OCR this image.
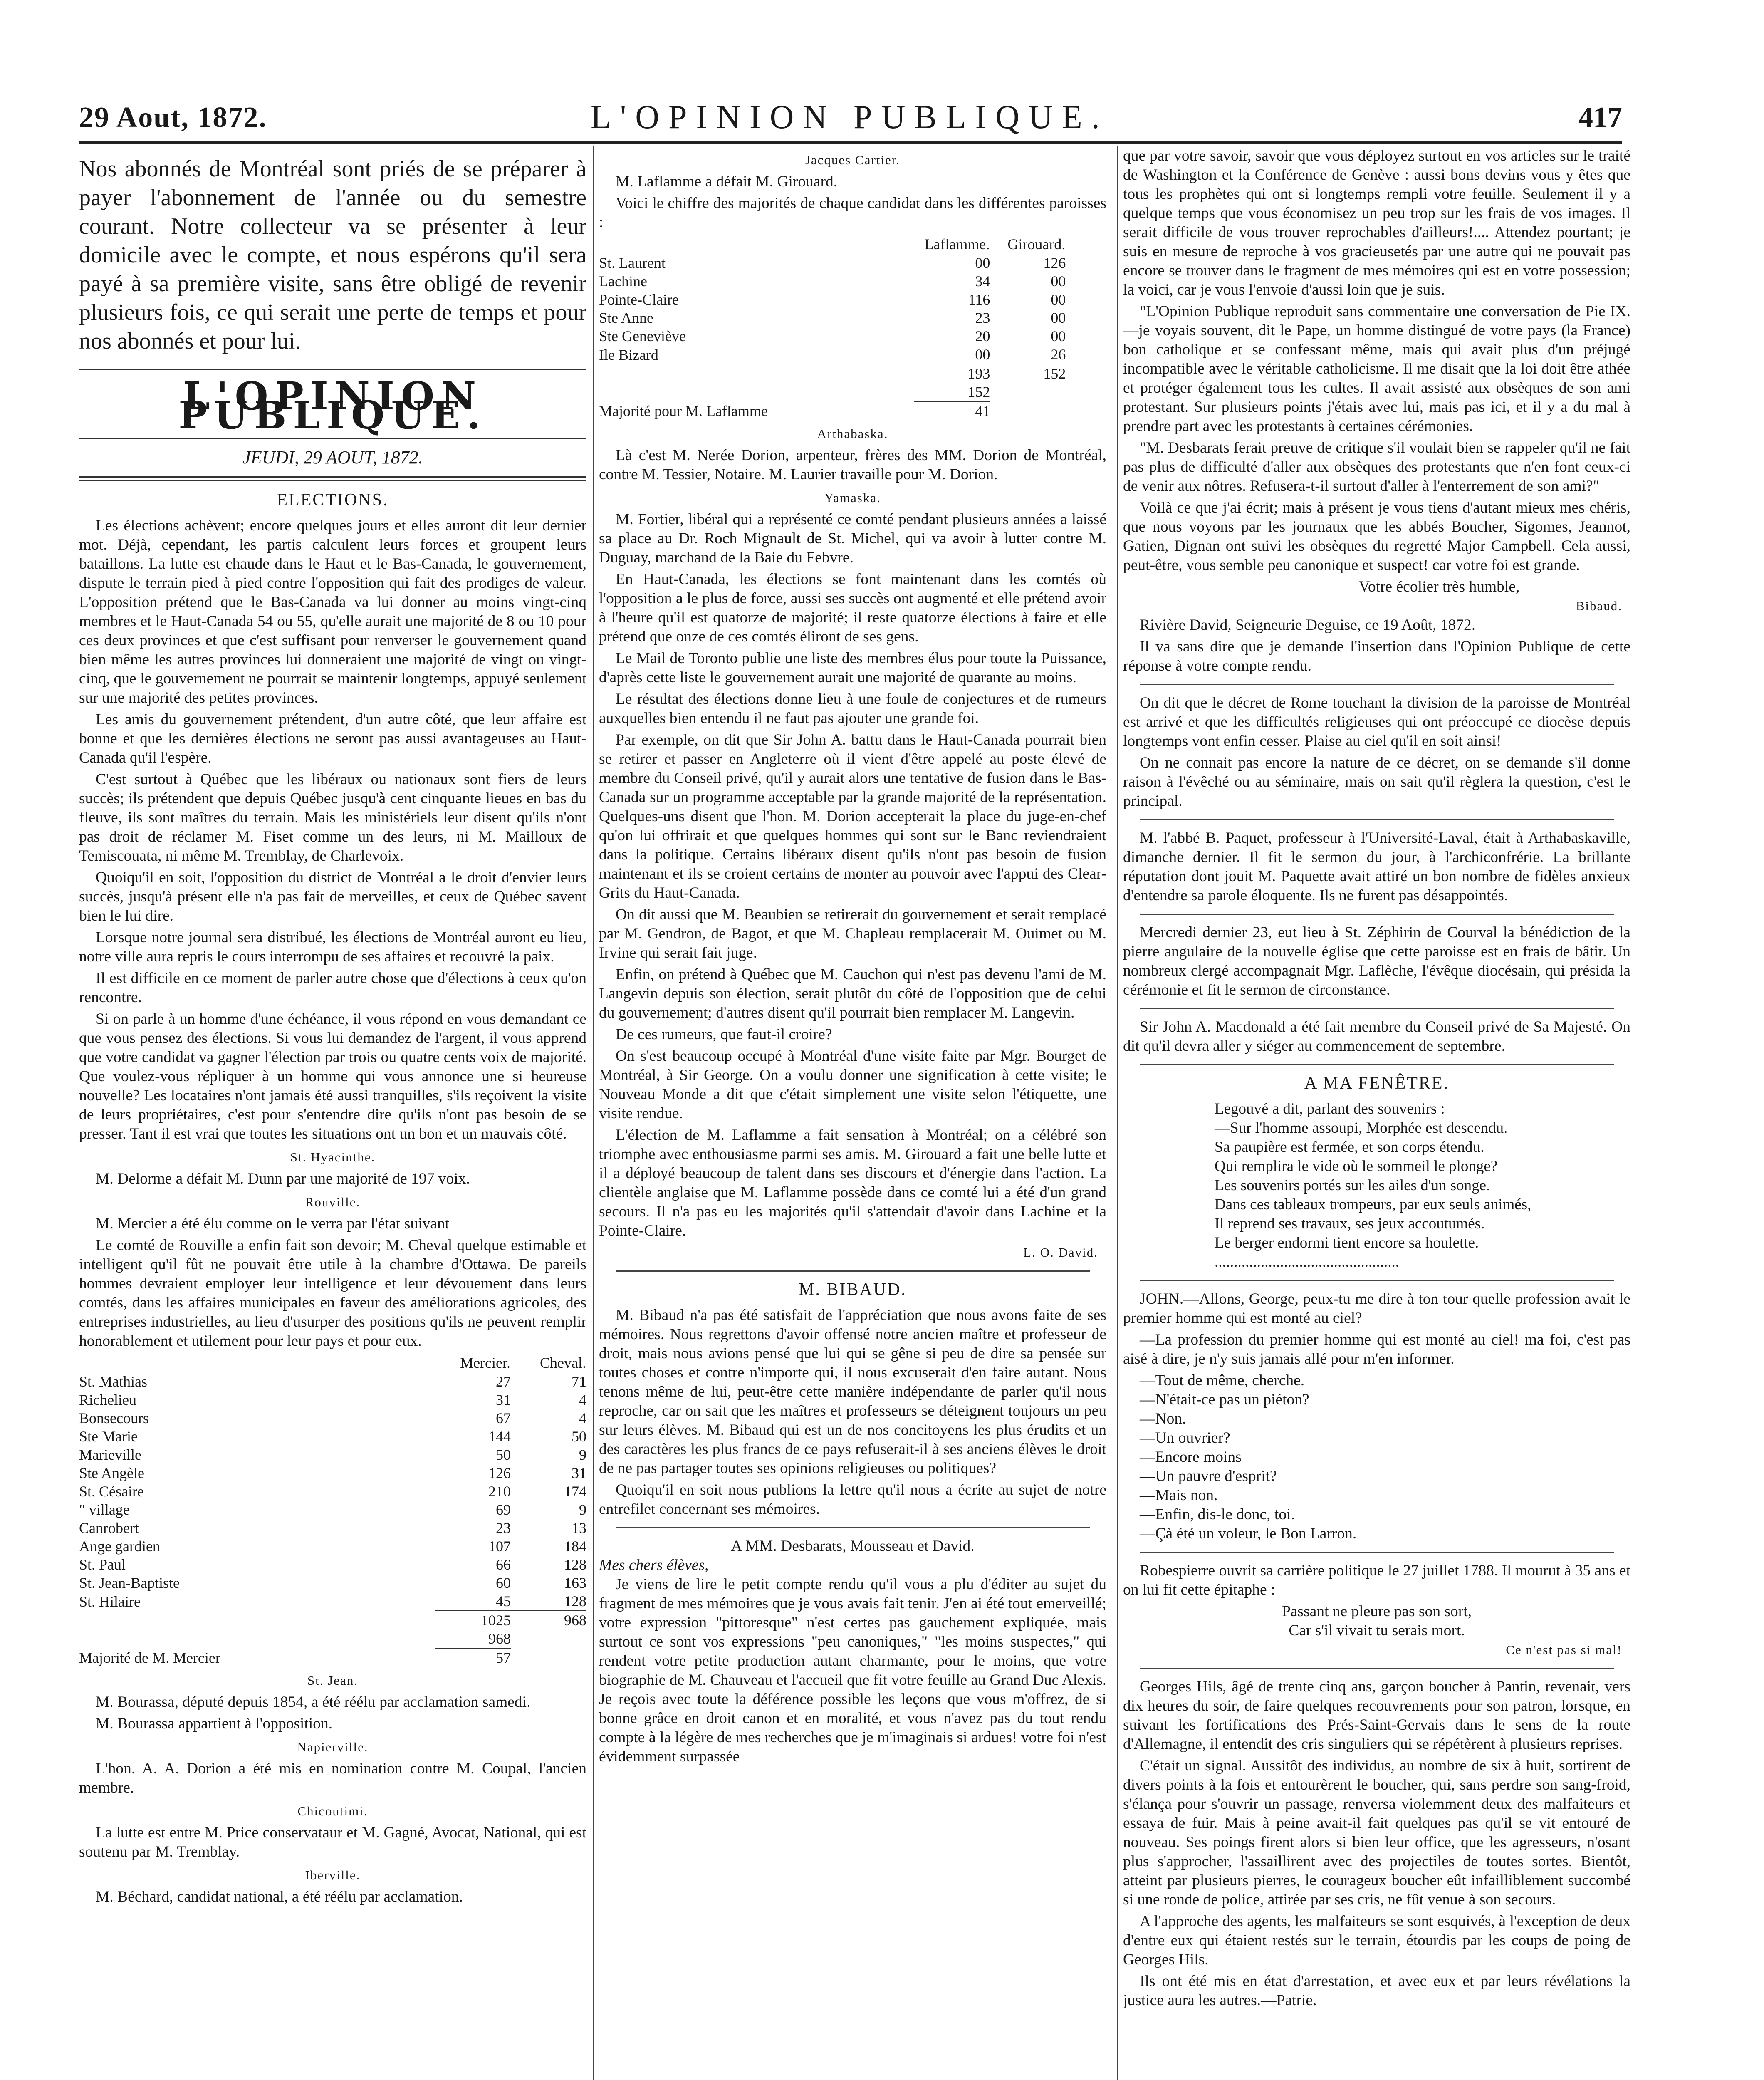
29 Aout, 1872.	L'OPINION PUBLIQUE.	417
Nos abonnés de Montréal sont priés de se préparer à payer l'abonnement de l'année ou du semestre courant. Notre collecteur va se présenter à leur domicile avec le compte, et nous espérons qu'il sera payé à sa première visite, sans être obligé de revenir plusieurs fois, ce qui serait une perte de temps et pour nos abonnés et pour lui.
L'OPINION PUBLIQUE.
JEUDI, 29 AOUT, 1872.
ELECTIONS.

Les élections achèvent; encore quelques jours et elles auront dit leur dernier mot. Déjà, cependant, les partis calculent leurs forces et groupent leurs bataillons. La lutte est chaude dans le Haut et le Bas-Canada, le gouvernement, dispute le terrain pied à pied contre l'opposition qui fait des prodiges de valeur. L'opposition prétend que le Bas-Canada va lui donner au moins vingt-cinq membres et le Haut-Canada 54 ou 55, qu'elle aurait une majorité de 8 ou 10 pour ces deux provinces et que c'est suffisant pour renverser le gouvernement quand bien même les autres provinces lui donneraient une majorité de vingt ou vingt-cinq, que le gouvernement ne pourrait se maintenir longtemps, appuyé seulement sur une majorité des petites provinces.

Les amis du gouvernement prétendent, d'un autre côté, que leur affaire est bonne et que les dernières élections ne seront pas aussi avantageuses au Haut-Canada qu'il l'espère.

C'est surtout à Québec que les libéraux ou nationaux sont fiers de leurs succès; ils prétendent que depuis Québec jusqu'à cent cinquante lieues en bas du fleuve, ils sont maîtres du terrain. Mais les ministériels leur disent qu'ils n'ont pas droit de réclamer M. Fiset comme un des leurs, ni M. Mailloux de Temiscouata, ni même M. Tremblay, de Charlevoix.

Quoiqu'il en soit, l'opposition du district de Montréal a le droit d'envier leurs succès, jusqu'à présent elle n'a pas fait de merveilles, et ceux de Québec savent bien le lui dire.

Lorsque notre journal sera distribué, les élections de Montréal auront eu lieu, notre ville aura repris le cours interrompu de ses affaires et recouvré la paix.

Il est difficile en ce moment de parler autre chose que d'élections à ceux qu'on rencontre.

Si on parle à un homme d'une échéance, il vous répond en vous demandant ce que vous pensez des élections. Si vous lui demandez de l'argent, il vous apprend que votre candidat va gagner l'élection par trois ou quatre cents voix de majorité. Que voulez-vous répliquer à un homme qui vous annonce une si heureuse nouvelle? Les locataires n'ont jamais été aussi tranquilles, s'ils reçoivent la visite de leurs propriétaires, c'est pour s'entendre dire qu'ils n'ont pas besoin de se presser. Tant il est vrai que toutes les situations ont un bon et un mauvais côté.

St. Hyacinthe.

M. Delorme a défait M. Dunn par une majorité de 197 voix.

Rouville.

M. Mercier a été élu comme on le verra par l'état suivant

Le comté de Rouville a enfin fait son devoir; M. Cheval quelque estimable et intelligent qu'il fût ne pouvait être utile à la chambre d'Ottawa. De pareils hommes devraient employer leur intelligence et leur dévouement dans leurs comtés, dans les affaires municipales en faveur des améliorations agricoles, des entreprises industrielles, au lieu d'usurper des positions qu'ils ne peuvent remplir honorablement et utilement pour leur pays et pour eux.

	Mercier.	Cheval.
St. Mathias	27	71
Richelieu	31	4
Bonsecours	67	4
Ste Marie	144	50
Marieville	50	9
Ste Angèle	126	31
St. Césaire	210	174
" village	69	9
Canrobert	23	13
Ange gardien	107	184
St. Paul	66	128
St. Jean-Baptiste	60	163
St. Hilaire	45	128
	1025	968
	968	
Majorité de M. Mercier	57	
St. Jean.

M. Bourassa, député depuis 1854, a été réélu par acclamation samedi.

M. Bourassa appartient à l'opposition.

Napierville.

L'hon. A. A. Dorion a été mis en nomination contre M. Coupal, l'ancien membre.

Chicoutimi.

La lutte est entre M. Price conservataur et M. Gagné, Avocat, National, qui est soutenu par M. Tremblay.

Iberville.

M. Béchard, candidat national, a été réélu par acclamation.

Jacques Cartier.

M. Laflamme a défait M. Girouard.

Voici le chiffre des majorités de chaque candidat dans les différentes paroisses :

	Laflamme.	Girouard.
St. Laurent	00	126
Lachine	34	00
Pointe-Claire	116	00
Ste Anne	23	00
Ste Geneviève	20	00
Ile Bizard	00	26
	193	152
	152	
Majorité pour M. Laflamme	41	
Arthabaska.

Là c'est M. Nerée Dorion, arpenteur, frères des MM. Dorion de Montréal, contre M. Tessier, Notaire. M. Laurier travaille pour M. Dorion.

Yamaska.

M. Fortier, libéral qui a représenté ce comté pendant plusieurs années a laissé sa place au Dr. Roch Mignault de St. Michel, qui va avoir à lutter contre M. Duguay, marchand de la Baie du Febvre.

En Haut-Canada, les élections se font maintenant dans les comtés où l'opposition a le plus de force, aussi ses succès ont augmenté et elle prétend avoir à l'heure qu'il est quatorze de majorité; il reste quatorze élections à faire et elle prétend que onze de ces comtés éliront de ses gens.

Le Mail de Toronto publie une liste des membres élus pour toute la Puissance, d'après cette liste le gouvernement aurait une majorité de quarante au moins.

Le résultat des élections donne lieu à une foule de conjectures et de rumeurs auxquelles bien entendu il ne faut pas ajouter une grande foi.

Par exemple, on dit que Sir John A. battu dans le Haut-Canada pourrait bien se retirer et passer en Angleterre où il vient d'être appelé au poste élevé de membre du Conseil privé, qu'il y aurait alors une tentative de fusion dans le Bas-Canada sur un programme acceptable par la grande majorité de la représentation. Quelques-uns disent que l'hon. M. Dorion accepterait la place du juge-en-chef qu'on lui offrirait et que quelques hommes qui sont sur le Banc reviendraient dans la politique. Certains libéraux disent qu'ils n'ont pas besoin de fusion maintenant et ils se croient certains de monter au pouvoir avec l'appui des Clear-Grits du Haut-Canada.

On dit aussi que M. Beaubien se retirerait du gouvernement et serait remplacé par M. Gendron, de Bagot, et que M. Chapleau remplacerait M. Ouimet ou M. Irvine qui serait fait juge.

Enfin, on prétend à Québec que M. Cauchon qui n'est pas devenu l'ami de M. Langevin depuis son élection, serait plutôt du côté de l'opposition que de celui du gouvernement; d'autres disent qu'il pourrait bien remplacer M. Langevin.

De ces rumeurs, que faut-il croire?

On s'est beaucoup occupé à Montréal d'une visite faite par Mgr. Bourget de Montréal, à Sir George. On a voulu donner une signification à cette visite; le Nouveau Monde a dit que c'était simplement une visite selon l'étiquette, une visite rendue.

L'élection de M. Laflamme a fait sensation à Montréal; on a célébré son triomphe avec enthousiasme parmi ses amis. M. Girouard a fait une belle lutte et il a déployé beaucoup de talent dans ses discours et d'énergie dans l'action. La clientèle anglaise que M. Laflamme possède dans ce comté lui a été d'un grand secours. Il n'a pas eu les majorités qu'il s'attendait d'avoir dans Lachine et la Pointe-Claire.

L. O. David.
M. BIBAUD.

M. Bibaud n'a pas été satisfait de l'appréciation que nous avons faite de ses mémoires. Nous regrettons d'avoir offensé notre ancien maître et professeur de droit, mais nous avions pensé que lui qui se gêne si peu de dire sa pensée sur toutes choses et contre n'importe qui, il nous excuserait d'en faire autant. Nous tenons même de lui, peut-être cette manière indépendante de parler qu'il nous reproche, car on sait que les maîtres et professeurs se déteignent toujours un peu sur leurs élèves. M. Bibaud qui est un de nos concitoyens les plus érudits et un des caractères les plus francs de ce pays refuserait-il à ses anciens élèves le droit de ne pas partager toutes ses opinions religieuses ou politiques?

Quoiqu'il en soit nous publions la lettre qu'il nous a écrite au sujet de notre entrefilet concernant ses mémoires.

A MM. Desbarats, Mousseau et David.
Mes chers élèves,

Je viens de lire le petit compte rendu qu'il vous a plu d'éditer au sujet du fragment de mes mémoires que je vous avais fait tenir. J'en ai été tout emerveillé; votre expression "pittoresque" n'est certes pas gauchement expliquée, mais surtout ce sont vos expressions "peu canoniques," "les moins suspectes," qui rendent votre petite production autant charmante, pour le moins, que votre biographie de M. Chauveau et l'accueil que fit votre feuille au Grand Duc Alexis. Je reçois avec toute la déférence possible les leçons que vous m'offrez, de si bonne grâce en droit canon et en moralité, et vous n'avez pas du tout rendu compte à la légère de mes recherches que je m'imaginais si ardues! votre foi n'est évidemment surpassée

que par votre savoir, savoir que vous déployez surtout en vos articles sur le traité de Washington et la Conférence de Genève : aussi bons devins vous y êtes que tous les prophètes qui ont si longtemps rempli votre feuille. Seulement il y a quelque temps que vous économisez un peu trop sur les frais de vos images. Il serait difficile de vous trouver reprochables d'ailleurs!.... Attendez pourtant; je suis en mesure de reproche à vos gracieusetés par une autre qui ne pouvait pas encore se trouver dans le fragment de mes mémoires qui est en votre possession; la voici, car je vous l'envoie d'aussi loin que je suis.

"L'Opinion Publique reproduit sans commentaire une conversation de Pie IX.—je voyais souvent, dit le Pape, un homme distingué de votre pays (la France) bon catholique et se confessant même, mais qui avait plus d'un préjugé incompatible avec le véritable catholicisme. Il me disait que la loi doit être athée et protéger également tous les cultes. Il avait assisté aux obsèques de son ami protestant. Sur plusieurs points j'étais avec lui, mais pas ici, et il y a du mal à prendre part avec les protestants à certaines cérémonies.

"M. Desbarats ferait preuve de critique s'il voulait bien se rappeler qu'il ne fait pas plus de difficulté d'aller aux obsèques des protestants que n'en font ceux-ci de venir aux nôtres. Refusera-t-il surtout d'aller à l'enterrement de son ami?"

Voilà ce que j'ai écrit; mais à présent je vous tiens d'autant mieux mes chéris, que nous voyons par les journaux que les abbés Boucher, Sigomes, Jeannot, Gatien, Dignan ont suivi les obsèques du regretté Major Campbell. Cela aussi, peut-être, vous semble peu canonique et suspect! car votre foi est grande.

Votre écolier très humble,
Bibaud.

Rivière David, Seigneurie Deguise, ce 19 Août, 1872.

Il va sans dire que je demande l'insertion dans l'Opinion Publique de cette réponse à votre compte rendu.

On dit que le décret de Rome touchant la division de la paroisse de Montréal est arrivé et que les difficultés religieuses qui ont préoccupé ce diocèse depuis longtemps vont enfin cesser. Plaise au ciel qu'il en soit ainsi!

On ne connait pas encore la nature de ce décret, on se demande s'il donne raison à l'évêché ou au séminaire, mais on sait qu'il règlera la question, c'est le principal.

M. l'abbé B. Paquet, professeur à l'Université-Laval, était à Arthabaskaville, dimanche dernier. Il fit le sermon du jour, à l'archiconfrérie. La brillante réputation dont jouit M. Paquette avait attiré un bon nombre de fidèles anxieux d'entendre sa parole éloquente. Ils ne furent pas désappointés.

Mercredi dernier 23, eut lieu à St. Zéphirin de Courval la bénédiction de la pierre angulaire de la nouvelle église que cette paroisse est en frais de bâtir. Un nombreux clergé accompagnait Mgr. Laflèche, l'évêque diocésain, qui présida la cérémonie et fit le sermon de circonstance.

Sir John A. Macdonald a été fait membre du Conseil privé de Sa Majesté. On dit qu'il devra aller y siéger au commencement de septembre.

A MA FENÊTRE.
Legouvé a dit, parlant des souvenirs :
—Sur l'homme assoupi, Morphée est descendu.
Sa paupière est fermée, et son corps étendu.
Qui remplira le vide où le sommeil le plonge?
Les souvenirs portés sur les ailes d'un songe.
Dans ces tableaux trompeurs, par eux seuls animés,
Il reprend ses travaux, ses jeux accoutumés.
Le berger endormi tient encore sa houlette.
................................................

JOHN.—Allons, George, peux-tu me dire à ton tour quelle profession avait le premier homme qui est monté au ciel?

—La profession du premier homme qui est monté au ciel! ma foi, c'est pas aisé à dire, je n'y suis jamais allé pour m'en informer.

—Tout de même, cherche.
—N'était-ce pas un piéton?
—Non.
—Un ouvrier?
—Encore moins
—Un pauvre d'esprit?
—Mais non.
—Enfin, dis-le donc, toi.
—Çà été un voleur, le Bon Larron.

Robespierre ouvrit sa carrière politique le 27 juillet 1788. Il mourut à 35 ans et on lui fit cette épitaphe :

Passant ne pleure pas son sort,
Car s'il vivait tu serais mort.
Ce n'est pas si mal!

Georges Hils, âgé de trente cinq ans, garçon boucher à Pantin, revenait, vers dix heures du soir, de faire quelques recouvrements pour son patron, lorsque, en suivant les fortifications des Prés-Saint-Gervais dans le sens de la route d'Allemagne, il entendit des cris singuliers qui se répétèrent à plusieurs reprises.

C'était un signal. Aussitôt des individus, au nombre de six à huit, sortirent de divers points à la fois et entourèrent le boucher, qui, sans perdre son sang-froid, s'élança pour s'ouvrir un passage, renversa violemment deux des malfaiteurs et essaya de fuir. Mais à peine avait-il fait quelques pas qu'il se vit entouré de nouveau. Ses poings firent alors si bien leur office, que les agresseurs, n'osant plus s'approcher, l'assaillirent avec des projectiles de toutes sortes. Bientôt, atteint par plusieurs pierres, le courageux boucher eût infailliblement succombé si une ronde de police, attirée par ses cris, ne fût venue à son secours.

A l'approche des agents, les malfaiteurs se sont esquivés, à l'exception de deux d'entre eux qui étaient restés sur le terrain, étourdis par les coups de poing de Georges Hils.

Ils ont été mis en état d'arrestation, et avec eux et par leurs révélations la justice aura les autres.—Patrie.
